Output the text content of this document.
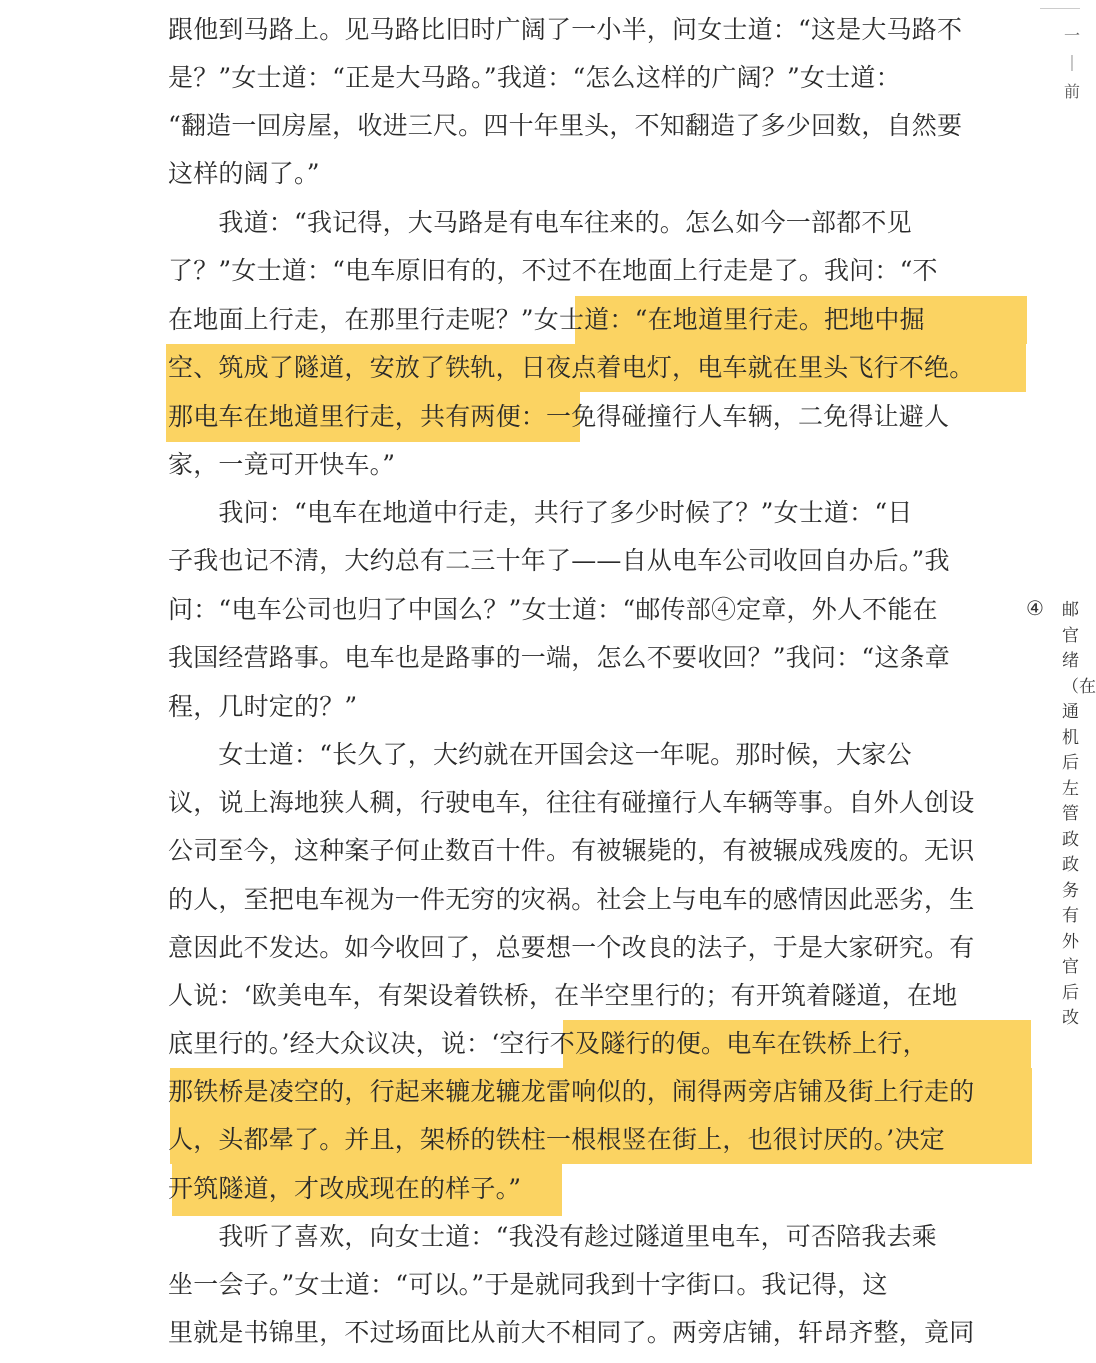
一｜前
跟他到马路上。见马路比旧时广阔了一小半，问女士道：“这是大马路不
是？”女士道：“正是大马路。”我道：“怎么这样的广阔？”女士道：
“翻造一回房屋，收进三尺。四十年里头，不知翻造了多少回数，自然要
这样的阔了。”
　　我道：“我记得，大马路是有电车往来的。怎么如今一部都不见
了？”女士道：“电车原旧有的，不过不在地面上行走是了。我问：“不
在地面上行走，在那里行走呢？”女士道：“在地道里行走。把地中掘
空、筑成了隧道，安放了铁轨，日夜点着电灯，电车就在里头飞行不绝。
那电车在地道里行走，共有两便：一免得碰撞行人车辆，二免得让避人
家，一竟可开快车。”
　　我问：“电车在地道中行走，共行了多少时候了？”女士道：“日
子我也记不清，大约总有二三十年了——自从电车公司收回自办后。”我
问：“电车公司也归了中国么？”女士道：“邮传部④定章，外人不能在
我国经营路事。电车也是路事的一端，怎么不要收回？”我问：“这条章
程，几时定的？”
　　女士道：“长久了，大约就在开国会这一年呢。那时候，大家公
议，说上海地狭人稠，行驶电车，往往有碰撞行人车辆等事。自外人创设
公司至今，这种案子何止数百十件。有被辗毙的，有被辗成残废的。无识
的人，至把电车视为一件无穷的灾祸。社会上与电车的感情因此恶劣，生
意因此不发达。如今收回了，总要想一个改良的法子，于是大家研究。有
人说：‘欧美电车，有架设着铁桥，在半空里行的；有开筑着隧道，在地
底里行的。’经大众议决，说：‘空行不及隧行的便。电车在铁桥上行，
那铁桥是凌空的，行起来辘龙辘龙雷响似的，闹得两旁店铺及街上行走的
人，头都晕了。并且，架桥的铁柱一根根竖在街上，也很讨厌的。’决定
开筑隧道，才改成现在的样子。”
　　我听了喜欢，向女士道：“我没有趁过隧道里电车，可否陪我去乘
坐一会子。”女士道：“可以。”于是就同我到十字街口。我记得，这
里就是书锦里，不过场面比从前大不相同了。两旁店铺，轩昂齐整，竟同
④ 邮官绪（在通机后左管政政务有外官后改
